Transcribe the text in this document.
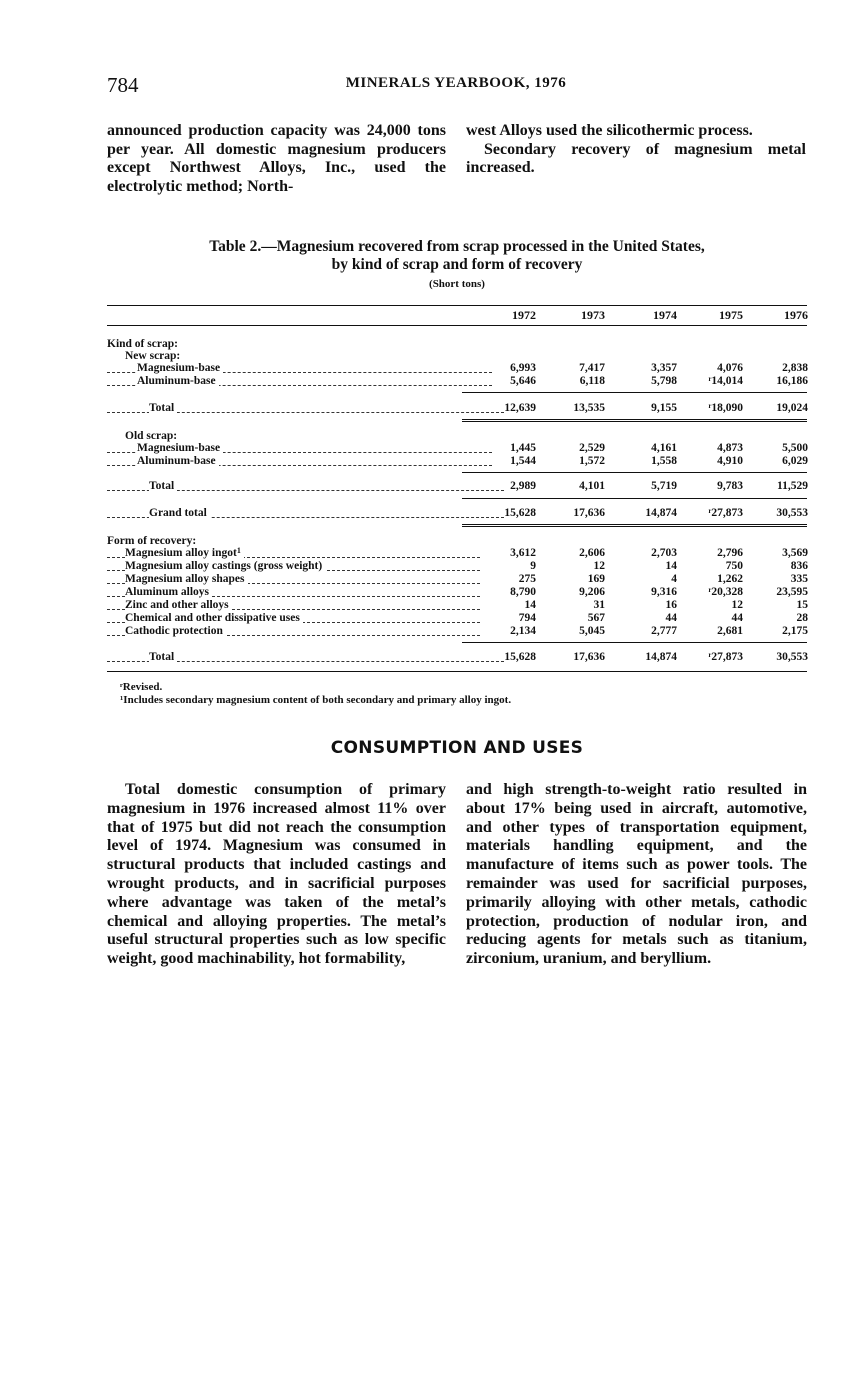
784	MINERALS YEARBOOK, 1976

announced production capacity was 24,000 tons per year. All domestic magnesium producers except Northwest Alloys, Inc., used the electrolytic method; North-

west Alloys used the silicothermic process.

Secondary recovery of magnesium metal increased.

Table 2.—Magnesium recovered from scrap processed in the United States,
by kind of scrap and form of recovery
(Short tons)
1972	1973	1974	1975	1976
Kind of scrap:
New scrap:
Magnesium-base	6,993	7,417	3,357	4,076	2,838
Aluminum-base	5,646	6,118	5,798	ʳ14,014	16,186
Total	12,639	13,535	9,155	ʳ18,090	19,024
Old scrap:
Magnesium-base	1,445	2,529	4,161	4,873	5,500
Aluminum-base	1,544	1,572	1,558	4,910	6,029
Total	2,989	4,101	5,719	9,783	11,529
Grand total	15,628	17,636	14,874	ʳ27,873	30,553
Form of recovery:
Magnesium alloy ingot$^1$	3,612	2,606	2,703	2,796	3,569
Magnesium alloy castings (gross weight)	9	12	14	750	836
Magnesium alloy shapes	275	169	4	1,262	335
Aluminum alloys	8,790	9,206	9,316	ʳ20,328	23,595
Zinc and other alloys	14	31	16	12	15
Chemical and other dissipative uses	794	567	44	44	28
Cathodic protection	2,134	5,045	2,777	2,681	2,175
Total	15,628	17,636	14,874	ʳ27,873	30,553
ʳRevised.
¹Includes secondary magnesium content of both secondary and primary alloy ingot.
CONSUMPTION AND USES

Total domestic consumption of primary magnesium in 1976 increased almost 11% over that of 1975 but did not reach the consumption level of 1974. Magnesium was consumed in structural products that included castings and wrought products, and in sacrificial purposes where advantage was taken of the metal’s chemical and alloying properties. The metal’s useful structural properties such as low specific weight, good machinability, hot formability,

and high strength-to-weight ratio resulted in about 17% being used in aircraft, automotive, and other types of transportation equipment, materials handling equipment, and the manufacture of items such as power tools. The remainder was used for sacrificial purposes, primarily alloying with other metals, cathodic protection, production of nodular iron, and reducing agents for metals such as titanium, zirconium, uranium, and beryllium.
